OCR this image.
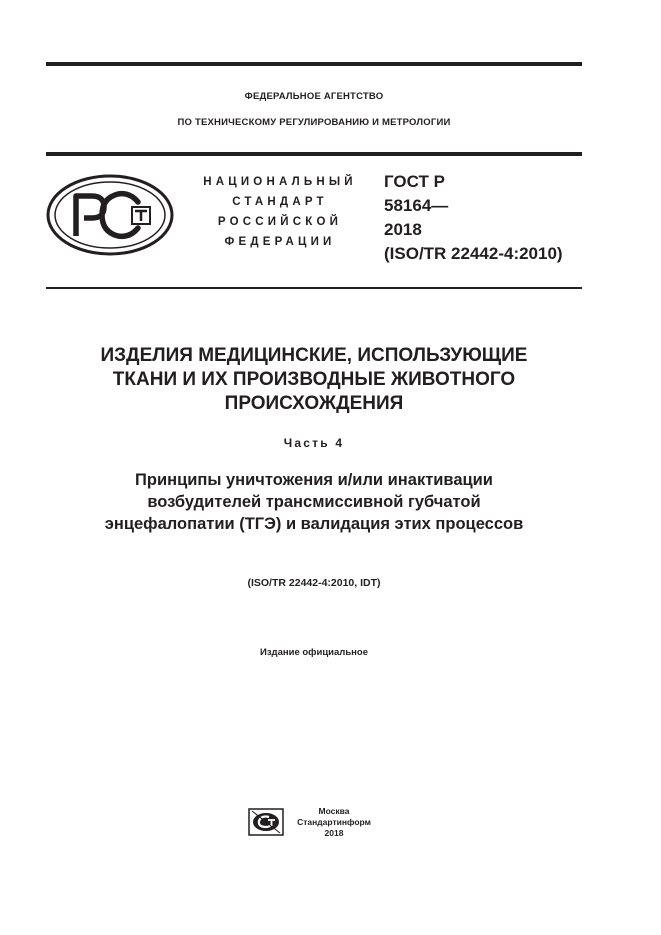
ФЕДЕРАЛЬНОЕ АГЕНТСТВО
ПО ТЕХНИЧЕСКОМУ РЕГУЛИРОВАНИЮ И МЕТРОЛОГИИ
НАЦИОНАЛЬНЫЙ
СТАНДАРТ
РОССИЙСКОЙ
ФЕДЕРАЦИИ
ГОСТ Р
58164—
2018
(ISO/TR 22442-4:2010)
ИЗДЕЛИЯ МЕДИЦИНСКИЕ, ИСПОЛЬЗУЮЩИЕ
ТКАНИ И ИХ ПРОИЗВОДНЫЕ ЖИВОТНОГО
ПРОИСХОЖДЕНИЯ
Часть 4
Принципы уничтожения и/или инактивации
возбудителей трансмиссивной губчатой
энцефалопатии (ТГЭ) и валидация этих процессов
(ISO/TR 22442-4:2010, IDT)
Издание официальное
Москва
Стандартинформ
2018
